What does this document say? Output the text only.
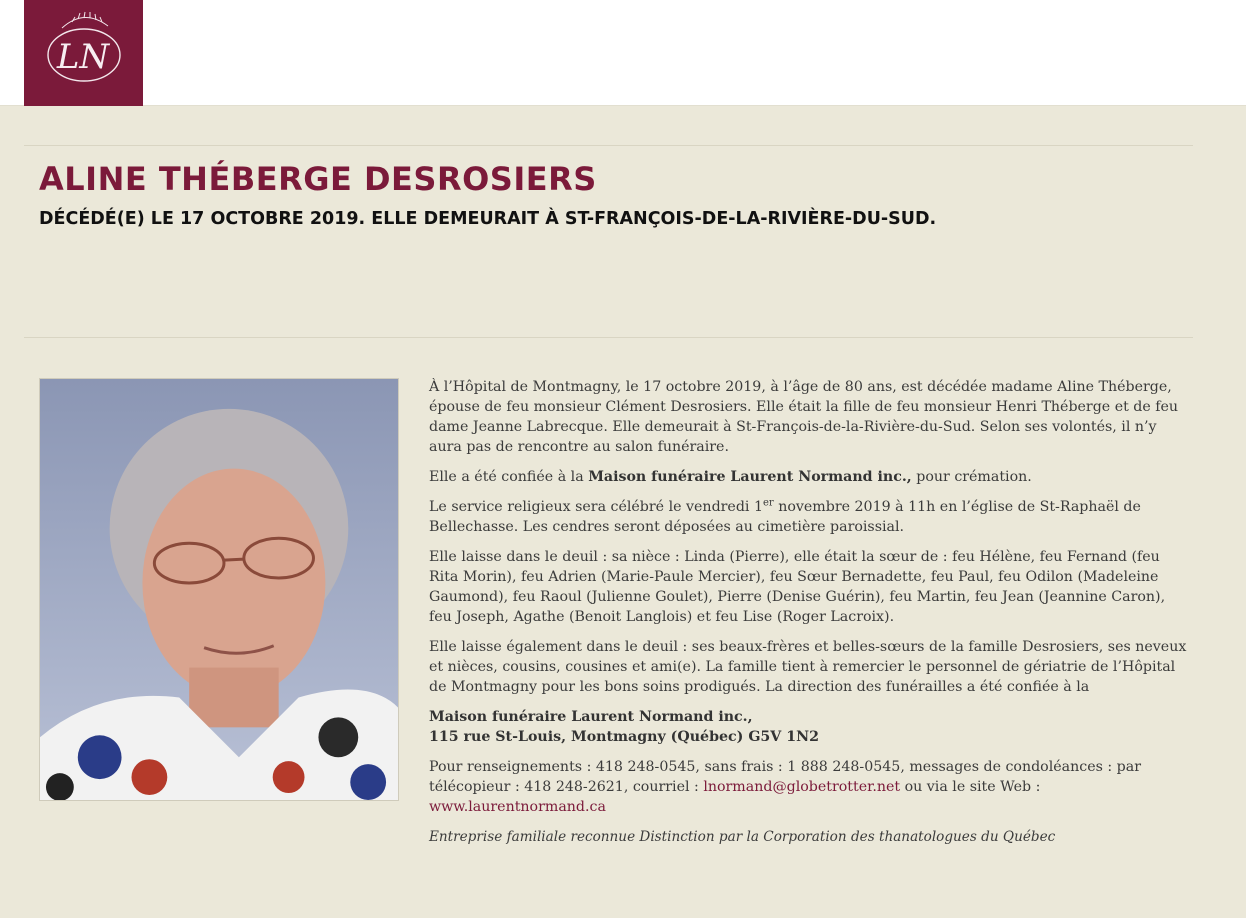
LN
ALINE THÉBERGE DESROSIERS
DÉCÉDÉ(E) LE 17 OCTOBRE 2019. ELLE DEMEURAIT À ST-FRANÇOIS-DE-LA-RIVIÈRE-DU-SUD.

À l’Hôpital de Montmagny, le 17 octobre 2019, à l’âge de 80 ans, est décédée madame Aline Théberge, épouse de feu monsieur Clément Desrosiers. Elle était la fille de feu monsieur Henri Théberge et de feu dame Jeanne Labrecque. Elle demeurait à St-François-de-la-Rivière-du-Sud. Selon ses volontés, il n’y aura pas de rencontre au salon funéraire.

Elle a été confiée à la Maison funéraire Laurent Normand inc., pour crémation.

Le service religieux sera célébré le vendredi 1er novembre 2019 à 11h en l’église de St-Raphaël de Bellechasse. Les cendres seront déposées au cimetière paroissial.

Elle laisse dans le deuil : sa nièce : Linda (Pierre), elle était la sœur de : feu Hélène, feu Fernand (feu Rita Morin), feu Adrien (Marie-Paule Mercier), feu Sœur Bernadette, feu Paul, feu Odilon (Madeleine Gaumond), feu Raoul (Julienne Goulet), Pierre (Denise Guérin), feu Martin, feu Jean (Jeannine Caron), feu Joseph, Agathe (Benoit Langlois) et feu Lise (Roger Lacroix).

Elle laisse également dans le deuil : ses beaux-frères et belles-sœurs de la famille Desrosiers, ses neveux et nièces, cousins, cousines et ami(e). La famille tient à remercier le personnel de gériatrie de l’Hôpital de Montmagny pour les bons soins prodigués. La direction des funérailles a été confiée à la

Maison funéraire Laurent Normand inc.,
115 rue St-Louis, Montmagny (Québec) G5V 1N2

Pour renseignements : 418 248-0545, sans frais : 1 888 248-0545, messages de condoléances : par télécopieur : 418 248-2621, courriel : lnormand@globetrotter.net ou via le site Web : www.laurentnormand.ca

Entreprise familiale reconnue Distinction par la Corporation des thanatologues du Québec
